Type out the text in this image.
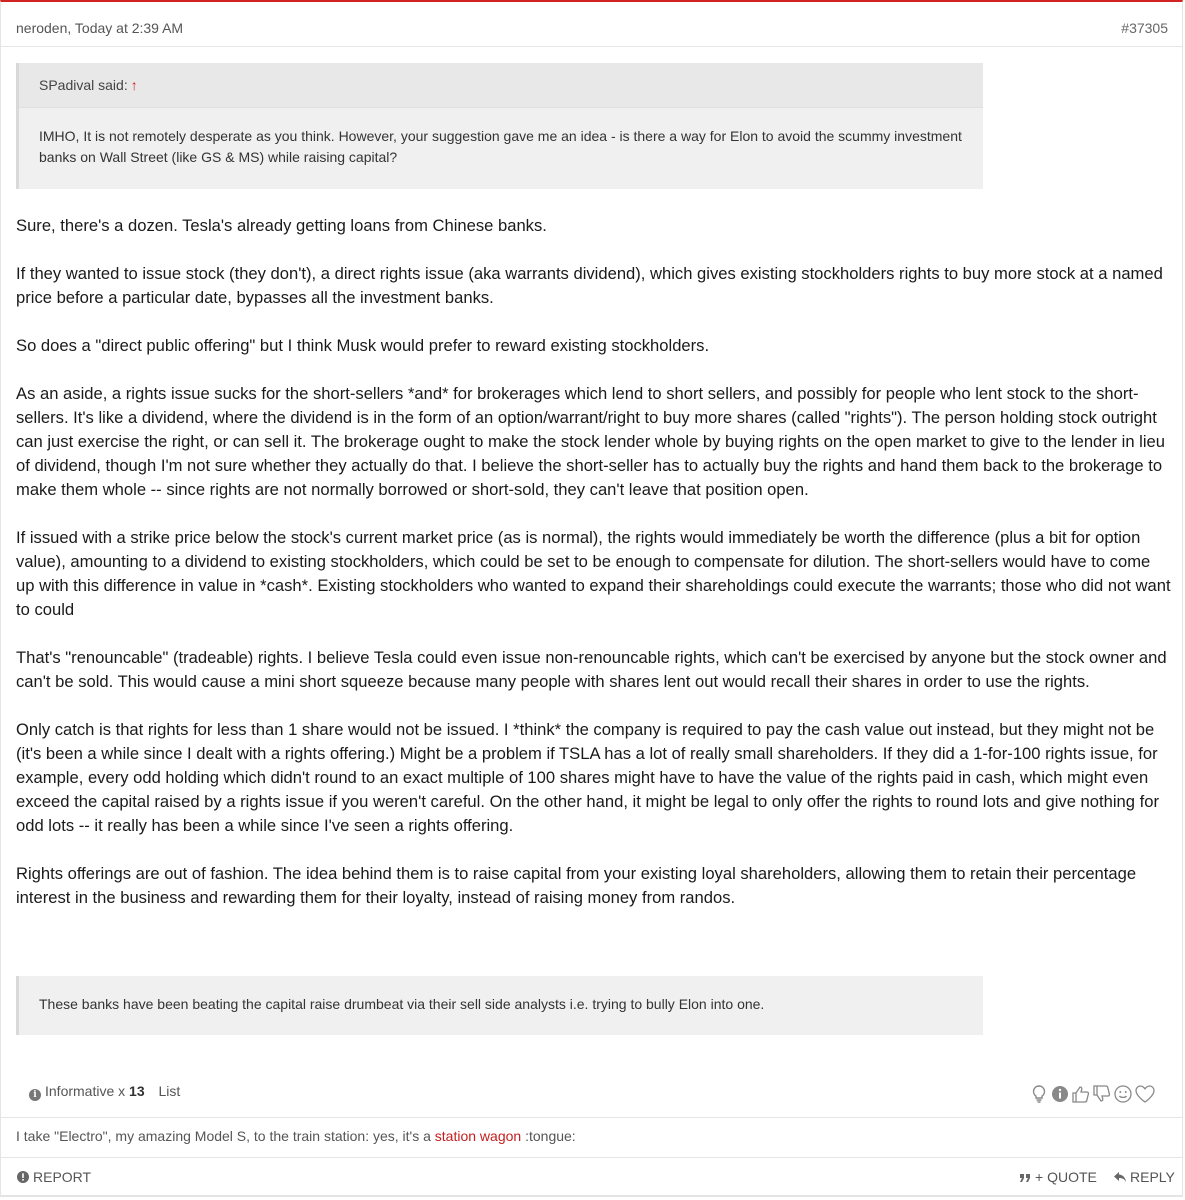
neroden, Today at 2:39 AM	#37305
SPadival said: ↑
IMHO, It is not remotely desperate as you think. However, your suggestion gave me an idea - is there a way for Elon to avoid the scummy investment banks on Wall Street (like GS & MS) while raising capital?

Sure, there's a dozen. Tesla's already getting loans from Chinese banks.

If they wanted to issue stock (they don't), a direct rights issue (aka warrants dividend), which gives existing stockholders rights to buy more stock at a named price before a particular date, bypasses all the investment banks.

So does a "direct public offering" but I think Musk would prefer to reward existing stockholders.

As an aside, a rights issue sucks for the short-sellers *and* for brokerages which lend to short sellers, and possibly for people who lent stock to the short-sellers. It's like a dividend, where the dividend is in the form of an option/warrant/right to buy more shares (called "rights"). The person holding stock outright can just exercise the right, or can sell it. The brokerage ought to make the stock lender whole by buying rights on the open market to give to the lender in lieu of dividend, though I'm not sure whether they actually do that. I believe the short-seller has to actually buy the rights and hand them back to the brokerage to make them whole -- since rights are not normally borrowed or short-sold, they can't leave that position open.

If issued with a strike price below the stock's current market price (as is normal), the rights would immediately be worth the difference (plus a bit for option value), amounting to a dividend to existing stockholders, which could be set to be enough to compensate for dilution. The short-sellers would have to come up with this difference in value in *cash*. Existing stockholders who wanted to expand their shareholdings could execute the warrants; those who did not want to could

That's "renouncable" (tradeable) rights. I believe Tesla could even issue non-renouncable rights, which can't be exercised by anyone but the stock owner and can't be sold. This would cause a mini short squeeze because many people with shares lent out would recall their shares in order to use the rights.

Only catch is that rights for less than 1 share would not be issued. I *think* the company is required to pay the cash value out instead, but they might not be (it's been a while since I dealt with a rights offering.) Might be a problem if TSLA has a lot of really small shareholders. If they did a 1-for-100 rights issue, for example, every odd holding which didn't round to an exact multiple of 100 shares might have to have the value of the rights paid in cash, which might even exceed the capital raised by a rights issue if you weren't careful. On the other hand, it might be legal to only offer the rights to round lots and give nothing for odd lots -- it really has been a while since I've seen a rights offering.

Rights offerings are out of fashion. The idea behind them is to raise capital from your existing loyal shareholders, allowing them to retain their percentage interest in the business and rewarding them for their loyalty, instead of raising money from randos.

These banks have been beating the capital raise drumbeat via their sell side analysts i.e. trying to bully Elon into one.
i Informative x 13 List
I take "Electro", my amazing Model S, to the train station: yes, it's a station wagon :tongue:
REPORT	+ QUOTE	REPLY
